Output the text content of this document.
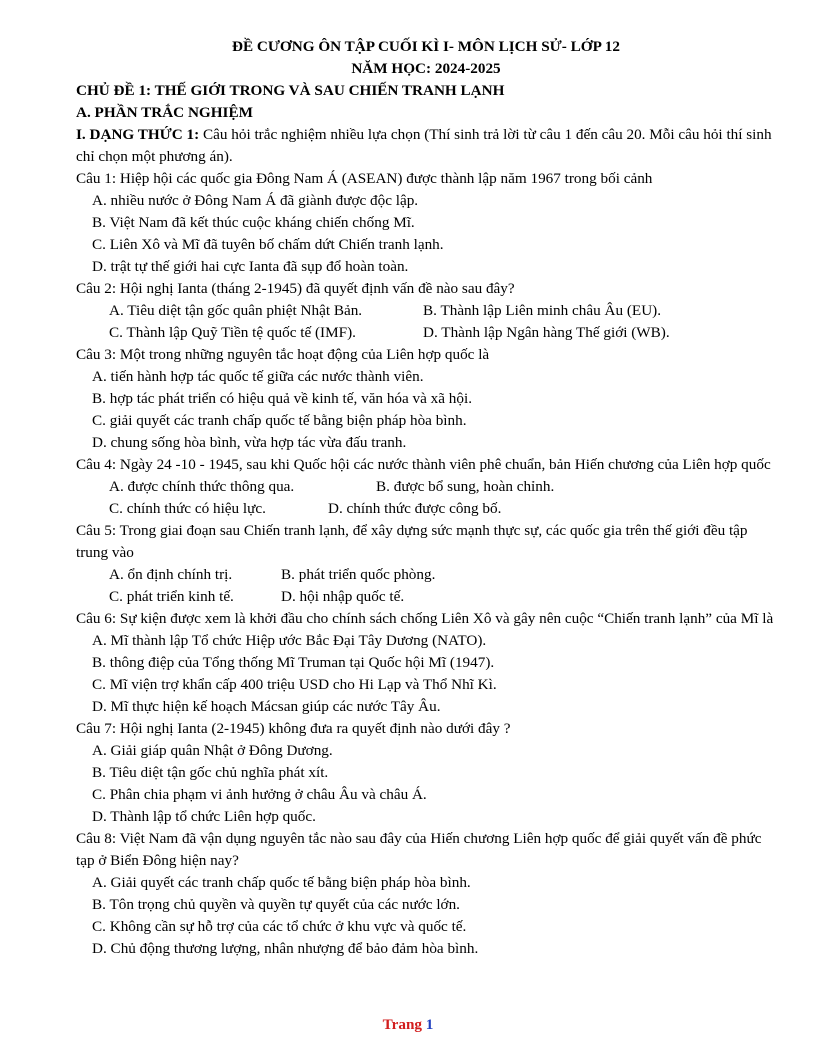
ĐỀ CƯƠNG ÔN TẬP CUỐI KÌ I- MÔN LỊCH SỬ- LỚP 12
NĂM HỌC: 2024-2025
CHỦ ĐỀ 1: THẾ GIỚI TRONG VÀ SAU CHIẾN TRANH LẠNH
A. PHẦN TRẮC NGHIỆM

I. DẠNG THỨC 1: Câu hỏi trắc nghiệm nhiều lựa chọn (Thí sinh trả lời từ câu 1 đến câu 20. Mỗi câu hỏi thí sinh chỉ chọn một phương án).

Câu 1: Hiệp hội các quốc gia Đông Nam Á (ASEAN) được thành lập năm 1967 trong bối cảnh
A. nhiều nước ở Đông Nam Á đã giành được độc lập.
B. Việt Nam đã kết thúc cuộc kháng chiến chống Mĩ.
C. Liên Xô và Mĩ đã tuyên bố chấm dứt Chiến tranh lạnh.
D. trật tự thế giới hai cực Ianta đã sụp đổ hoàn toàn.
Câu 2: Hội nghị Ianta (tháng 2-1945) đã quyết định vấn đề nào sau đây?
A. Tiêu diệt tận gốc quân phiệt Nhật Bản.	B. Thành lập Liên minh châu Âu (EU).
C. Thành lập Quỹ Tiền tệ quốc tế (IMF).	D. Thành lập Ngân hàng Thế giới (WB).
Câu 3: Một trong những nguyên tắc hoạt động của Liên hợp quốc là
A. tiến hành hợp tác quốc tế giữa các nước thành viên.
B. hợp tác phát triển có hiệu quả về kinh tế, văn hóa và xã hội.
C. giải quyết các tranh chấp quốc tế bằng biện pháp hòa bình.
D. chung sống hòa bình, vừa hợp tác vừa đấu tranh.
Câu 4: Ngày 24 -10 - 1945, sau khi Quốc hội các nước thành viên phê chuẩn, bản Hiến chương của Liên hợp quốc
A. được chính thức thông qua.	B. được bổ sung, hoàn chỉnh.
C. chính thức có hiệu lực.	D. chính thức được công bố.
Câu 5: Trong giai đoạn sau Chiến tranh lạnh, để xây dựng sức mạnh thực sự, các quốc gia trên thế giới đều tập trung vào
A. ổn định chính trị.	B. phát triển quốc phòng.
C. phát triển kinh tế.	D. hội nhập quốc tế.
Câu 6: Sự kiện được xem là khởi đầu cho chính sách chống Liên Xô và gây nên cuộc “Chiến tranh lạnh” của Mĩ là
A. Mĩ thành lập Tổ chức Hiệp ước Bắc Đại Tây Dương (NATO).
B. thông điệp của Tổng thống Mĩ Truman tại Quốc hội Mĩ (1947).
C. Mĩ viện trợ khẩn cấp 400 triệu USD cho Hi Lạp và Thổ Nhĩ Kì.
D. Mĩ thực hiện kế hoạch Mácsan giúp các nước Tây Âu.
Câu 7: Hội nghị Ianta (2-1945) không đưa ra quyết định nào dưới đây ?
A. Giải giáp quân Nhật ở Đông Dương.
B. Tiêu diệt tận gốc chủ nghĩa phát xít.
C. Phân chia phạm vi ảnh hưởng ở châu Âu và châu Á.
D. Thành lập tổ chức Liên hợp quốc.
Câu 8: Việt Nam đã vận dụng nguyên tắc nào sau đây của Hiến chương Liên hợp quốc để giải quyết vấn đề phức tạp ở Biển Đông hiện nay?
A. Giải quyết các tranh chấp quốc tế bằng biện pháp hòa bình.
B. Tôn trọng chủ quyền và quyền tự quyết của các nước lớn.
C. Không cần sự hỗ trợ của các tổ chức ở khu vực và quốc tế.
D. Chủ động thương lượng, nhân nhượng để bảo đảm hòa bình.
Trang 1
